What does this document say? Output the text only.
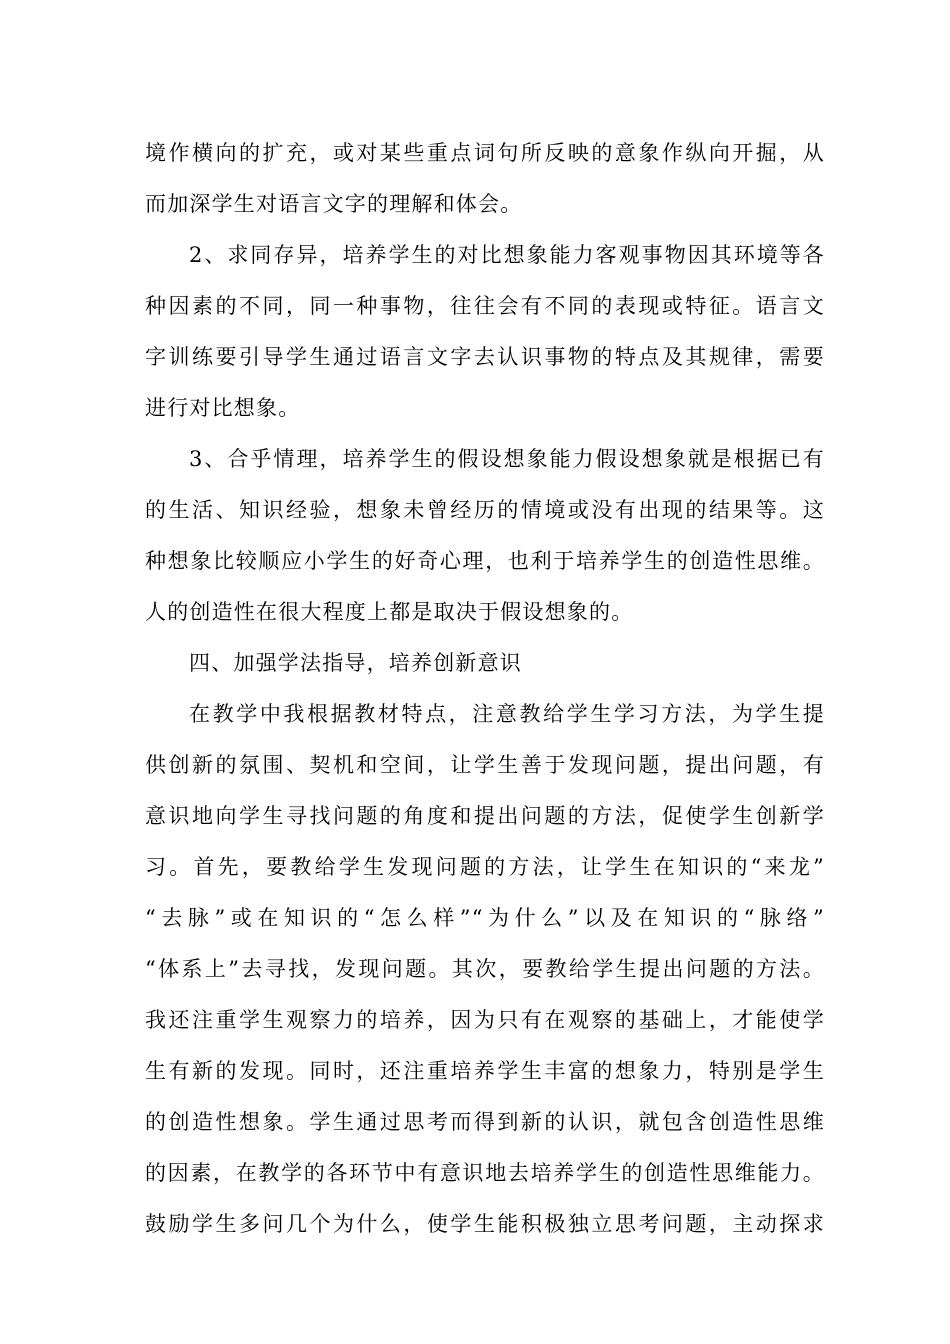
境作横向的扩充，或对某些重点词句所反映的意象作纵向开掘，从
而加深学生对语言文字的理解和体会。
2、求同存异，培养学生的对比想象能力客观事物因其环境等各
种因素的不同，同一种事物，往往会有不同的表现或特征。语言文
字训练要引导学生通过语言文字去认识事物的特点及其规律，需要
进行对比想象。
3、合乎情理，培养学生的假设想象能力假设想象就是根据已有
的生活、知识经验，想象未曾经历的情境或没有出现的结果等。这
种想象比较顺应小学生的好奇心理，也利于培养学生的创造性思维。
人的创造性在很大程度上都是取决于假设想象的。
四、加强学法指导，培养创新意识
在教学中我根据教材特点，注意教给学生学习方法，为学生提
供创新的氛围、契机和空间，让学生善于发现问题，提出问题，有
意识地向学生寻找问题的角度和提出问题的方法，促使学生创新学
习。首先，要教给学生发现问题的方法，让学生在知识的“来龙”
“去脉”或在知识的“怎么样”“为什么”以及在知识的“脉络”
“体系上”去寻找，发现问题。其次，要教给学生提出问题的方法。
我还注重学生观察力的培养，因为只有在观察的基础上，才能使学
生有新的发现。同时，还注重培养学生丰富的想象力，特别是学生
的创造性想象。学生通过思考而得到新的认识，就包含创造性思维
的因素，在教学的各环节中有意识地去培养学生的创造性思维能力。
鼓励学生多问几个为什么，使学生能积极独立思考问题，主动探求
